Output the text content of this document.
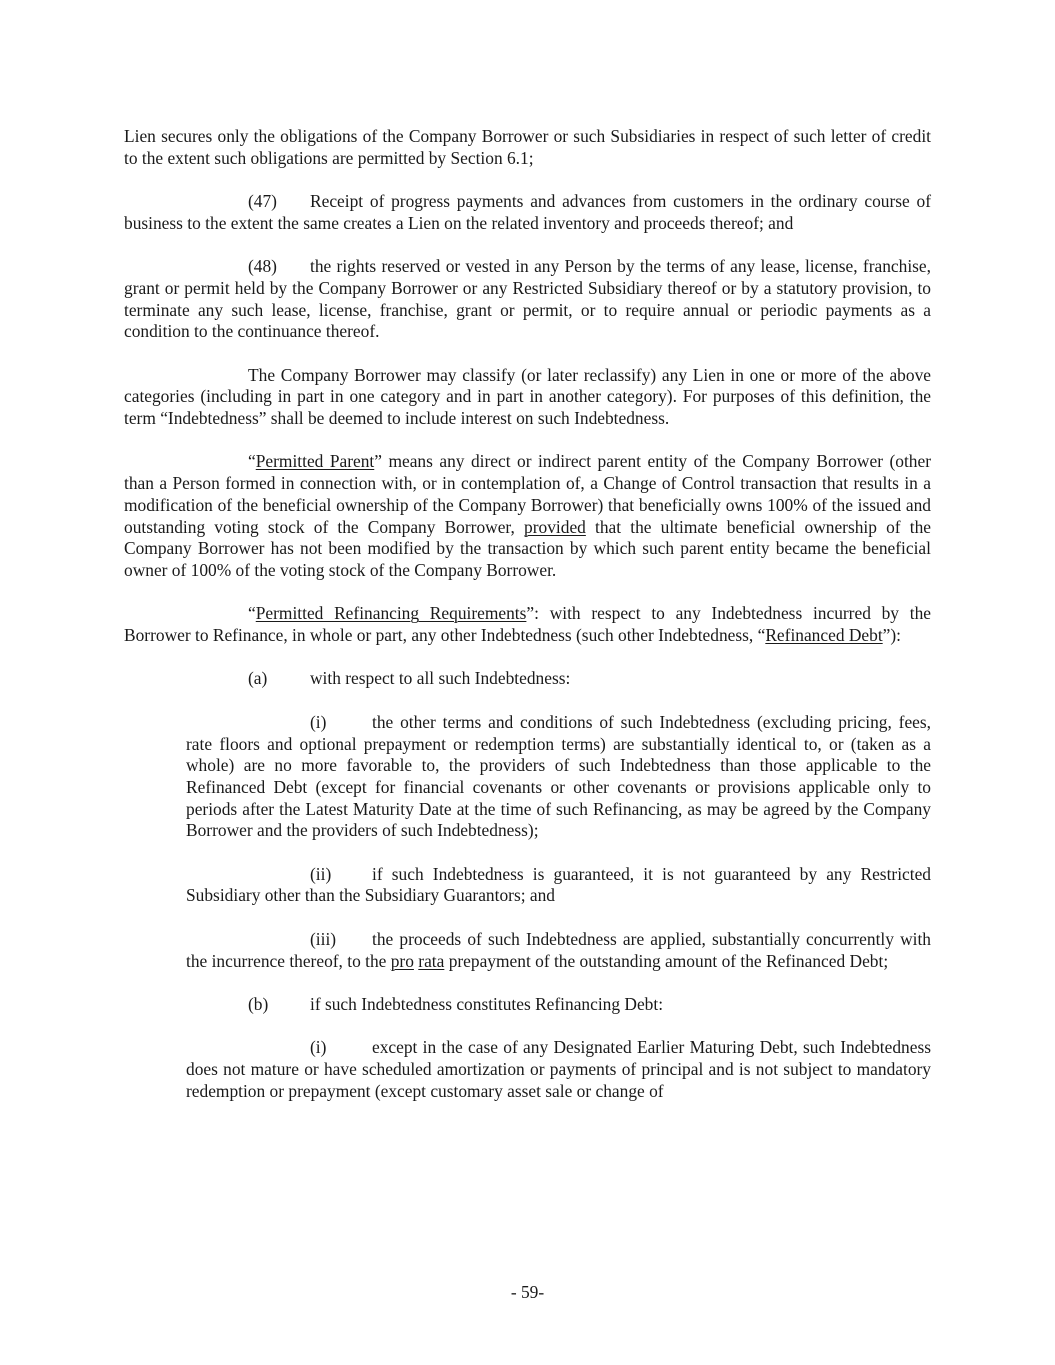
Lien secures only the obligations of the Company Borrower or such Subsidiaries in respect of such letter of credit to the extent such obligations are permitted by Section 6.1;

(47) Receipt of progress payments and advances from customers in the ordinary course of business to the extent the same creates a Lien on the related inventory and proceeds thereof; and

(48) the rights reserved or vested in any Person by the terms of any lease, license, franchise, grant or permit held by the Company Borrower or any Restricted Subsidiary thereof or by a statutory provision, to terminate any such lease, license, franchise, grant or permit, or to require annual or periodic payments as a condition to the continuance thereof.

The Company Borrower may classify (or later reclassify) any Lien in one or more of the above categories (including in part in one category and in part in another category). For purposes of this definition, the term “Indebtedness” shall be deemed to include interest on such Indebtedness.

“Permitted Parent” means any direct or indirect parent entity of the Company Borrower (other than a Person formed in connection with, or in contemplation of, a Change of Control transaction that results in a modification of the beneficial ownership of the Company Borrower) that beneficially owns 100% of the issued and outstanding voting stock of the Company Borrower, provided that the ultimate beneficial ownership of the Company Borrower has not been modified by the transaction by which such parent entity became the beneficial owner of 100% of the voting stock of the Company Borrower.

“Permitted Refinancing Requirements”: with respect to any Indebtedness incurred by the Borrower to Refinance, in whole or part, any other Indebtedness (such other Indebtedness, “Refinanced Debt”):

(a) with respect to all such Indebtedness:

(i)	the other terms and conditions of such Indebtedness (excluding pricing, fees, rate floors and optional prepayment or redemption terms) are substantially identical to, or (taken as a whole) are no more favorable to, the providers of such Indebtedness than those applicable to the Refinanced Debt (except for financial covenants or other covenants or provisions applicable only to periods after the Latest Maturity Date at the time of such Refinancing, as may be agreed by the Company Borrower and the providers of such Indebtedness);

(ii) if such Indebtedness is guaranteed, it is not guaranteed by any Restricted Subsidiary other than the Subsidiary Guarantors; and

(iii) the proceeds of such Indebtedness are applied, substantially concurrently with the incurrence thereof, to the pro rata prepayment of the outstanding amount of the Refinanced Debt;

(b) if such Indebtedness constitutes Refinancing Debt:

(i)	except in the case of any Designated Earlier Maturing Debt, such Indebtedness does not mature or have scheduled amortization or payments of principal and is not subject to mandatory redemption or prepayment (except customary asset sale or change of

- 59-
